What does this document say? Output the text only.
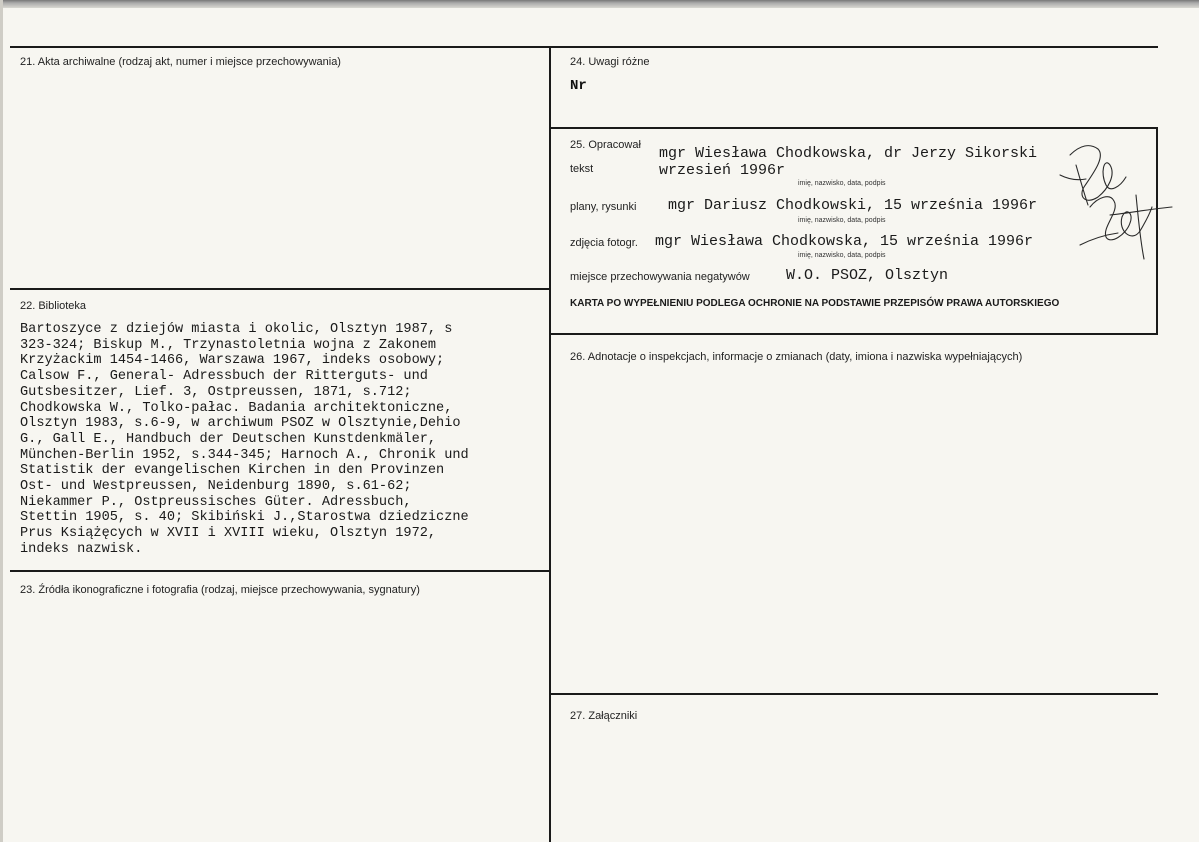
21. Akta archiwalne (rodzaj akt, numer i miejsce przechowywania)
22. Biblioteka
Bartoszyce z dziejów miasta i okolic, Olsztyn 1987, s
323-324; Biskup M., Trzynastoletnia wojna z Zakonem
Krzyżackim 1454-1466, Warszawa 1967, indeks osobowy;
Calsow F., General- Adressbuch der Ritterguts- und
Gutsbesitzer, Lief. 3, Ostpreussen, 1871, s.712;
Chodkowska W., Tolko-pałac. Badania architektoniczne,
Olsztyn 1983, s.6-9, w archiwum PSOZ w Olsztynie,Dehio
G., Gall E., Handbuch der Deutschen Kunstdenkmäler,
München-Berlin 1952, s.344-345; Harnoch A., Chronik und
Statistik der evangelischen Kirchen in den Provinzen
Ost- und Westpreussen, Neidenburg 1890, s.61-62;
Niekammer P., Ostpreussisches Güter. Adressbuch,
Stettin 1905, s. 40; Skibiński J.,Starostwa dziedziczne
Prus Książęcych w XVII i XVIII wieku, Olsztyn 1972,
indeks nazwisk.
23. Źródła ikonograficzne i fotografia (rodzaj, miejsce przechowywania, sygnatury)
24. Uwagi różne
Nr
25. Opracował
tekst
mgr Wiesława Chodkowska, dr Jerzy Sikorski
wrzesień 1996r
imię, nazwisko, data, podpis
plany, rysunki mgr Dariusz Chodkowski, 15 września 1996r
imię, nazwisko, data, podpis
zdjęcia fotogr. mgr Wiesława Chodkowska, 15 września 1996r
imię, nazwisko, data, podpis
miejsce przechowywania negatywów W.O. PSOZ, Olsztyn
KARTA PO WYPEŁNIENIU PODLEGA OCHRONIE NA PODSTAWIE PRZEPISÓW PRAWA AUTORSKIEGO
26. Adnotacje o inspekcjach, informacje o zmianach (daty, imiona i nazwiska wypełniających)
27. Załączniki
